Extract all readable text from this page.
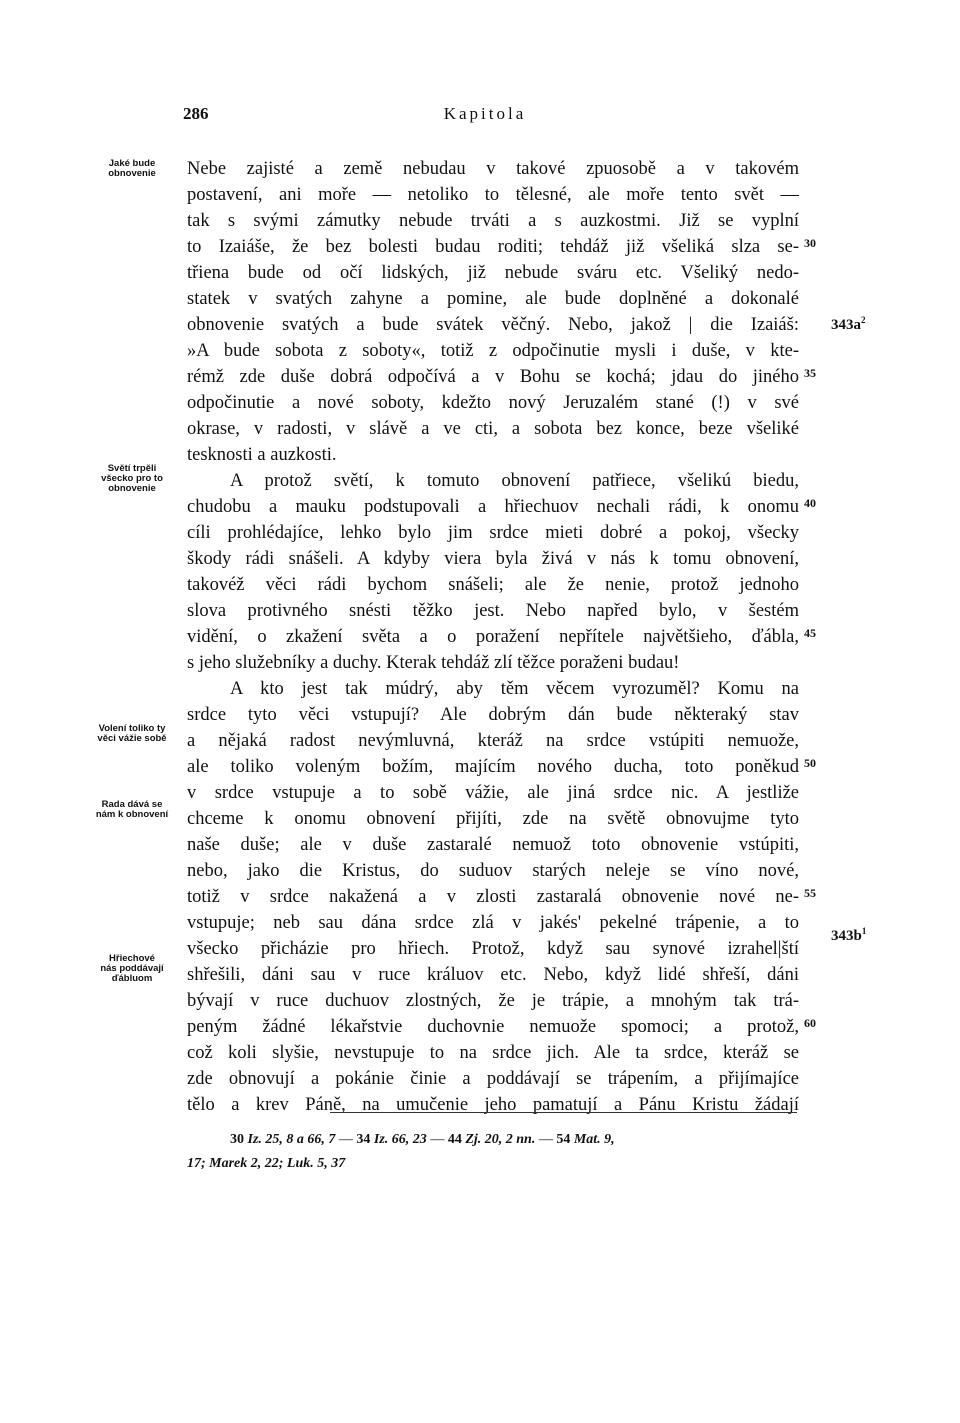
286	Kapitola
Jaké bude
obnovenie
Světí trpěli
všecko pro to
obnovenie
Volení toliko ty
věci vážie sobě
Rada dává se
nám k obnovení
Hřiechové
nás poddávají
ďábluom
Nebe zajisté a země nebudau v takové zpuosobě a v takovém
postavení, ani moře — netoliko to tělesné, ale moře tento svět —
tak s svými zámutky nebude trváti a s auzkostmi. Již se vyplní
to Izaiáše, že bez bolesti budau roditi; tehdáž již všeliká slza se-
třiena bude od očí lidských, již nebude sváru etc. Všeliký nedo-
statek v svatých zahyne a pomine, ale bude doplněné a dokonalé
obnovenie svatých a bude svátek věčný. Nebo, jakož | die Izaiáš:
»A bude sobota z soboty«, totiž z odpočinutie mysli i duše, v kte-
rémž zde duše dobrá odpočívá a v Bohu se kochá; jdau do jiného
odpočinutie a nové soboty, kdežto nový Jeruzalém stané (!) v své
okrase, v radosti, v slávě a ve cti, a sobota bez konce, beze všeliké
tesknosti a auzkosti.
A protož světí, k tomuto obnovení patřiece, všelikú biedu,
chudobu a mauku podstupovali a hřiechuov nechali rádi, k onomu
cíli prohlédajíce, lehko bylo jim srdce mieti dobré a pokoj, všecky
škody rádi snášeli. A kdyby viera byla živá v nás k tomu obnovení,
takovéž věci rádi bychom snášeli; ale že nenie, protož jednoho
slova protivného snésti těžko jest. Nebo napřed bylo, v šestém
vidění, o zkažení světa a o poražení nepřítele najvětšieho, ďábla,
s jeho služebníky a duchy. Kterak tehdáž zlí těžce poraženi budau!
A kto jest tak múdrý, aby těm věcem vyrozuměl? Komu na
srdce tyto věci vstupují? Ale dobrým dán bude některaký stav
a nějaká radost nevýmluvná, kteráž na srdce vstúpiti nemuože,
ale toliko voleným božím, majícím nového ducha, toto poněkud
v srdce vstupuje a to sobě vážie, ale jiná srdce nic. A jestliže
chceme k onomu obnovení přijíti, zde na světě obnovujme tyto
naše duše; ale v duše zastaralé nemuož toto obnovenie vstúpiti,
nebo, jako die Kristus, do suduov starých neleje se víno nové,
totiž v srdce nakažená a v zlosti zastaralá obnovenie nové ne-
vstupuje; neb sau dána srdce zlá v jakés' pekelné trápenie, a to
všecko přicházie pro hřiech. Protož, když sau synové izrahel|ští
shřešili, dáni sau v ruce králuov etc. Nebo, když lidé shřeší, dáni
bývají v ruce duchuov zlostných, že je trápie, a mnohým tak trá-
peným žádné lékařstvie duchovnie nemuože spomoci; a protož,
což koli slyšie, nevstupuje to na srdce jich. Ale ta srdce, kteráž se
zde obnovují a pokánie činie a poddávají se trápením, a přijímajíce
tělo a krev Páně, na umučenie jeho pamatují a Pánu Kristu žádají
30
35
40
45
50
55
60
$343a^2$
$343b^1$
30 Iz. 25, 8 a 66, 7 — 34 Iz. 66, 23 — 44 Zj. 20, 2 nn. — 54 Mat. 9,
17; Marek 2, 22; Luk. 5, 37
